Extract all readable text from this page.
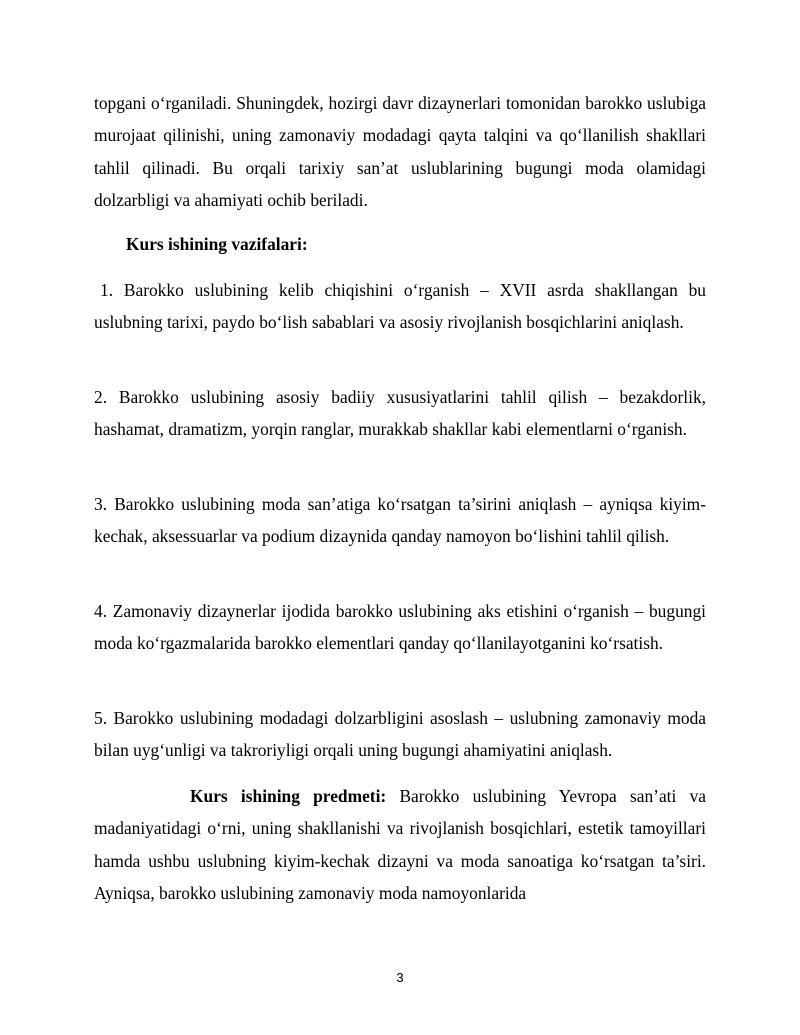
topgani o‘rganiladi. Shuningdek, hozirgi davr dizaynerlari tomonidan barokko uslubiga murojaat qilinishi, uning zamonaviy modadagi qayta talqini va qo‘llanilish shakllari tahlil qilinadi. Bu orqali tarixiy san’at uslublarining bugungi moda olamidagi dolzarbligi va ahamiyati ochib beriladi.

Kurs ishining vazifalari:

1. Barokko uslubining kelib chiqishini o‘rganish – XVII asrda shakllangan bu uslubning tarixi, paydo bo‘lish sabablari va asosiy rivojlanish bosqichlarini aniqlash.

2. Barokko uslubining asosiy badiiy xususiyatlarini tahlil qilish – bezakdorlik, hashamat, dramatizm, yorqin ranglar, murakkab shakllar kabi elementlarni o‘rganish.

3. Barokko uslubining moda san’atiga ko‘rsatgan ta’sirini aniqlash – ayniqsa kiyim-kechak, aksessuarlar va podium dizaynida qanday namoyon bo‘lishini tahlil qilish.

4. Zamonaviy dizaynerlar ijodida barokko uslubining aks etishini o‘rganish – bugungi moda ko‘rgazmalarida barokko elementlari qanday qo‘llanilayotganini ko‘rsatish.

5. Barokko uslubining modadagi dolzarbligini asoslash – uslubning zamonaviy moda bilan uyg‘unligi va takroriyligi orqali uning bugungi ahamiyatini aniqlash.

Kurs ishining predmeti: Barokko uslubining Yevropa san’ati va madaniyatidagi o‘rni, uning shakllanishi va rivojlanish bosqichlari, estetik tamoyillari hamda ushbu uslubning kiyim-kechak dizayni va moda sanoatiga ko‘rsatgan ta’siri. Ayniqsa, barokko uslubining zamonaviy moda namoyonlarida

3
